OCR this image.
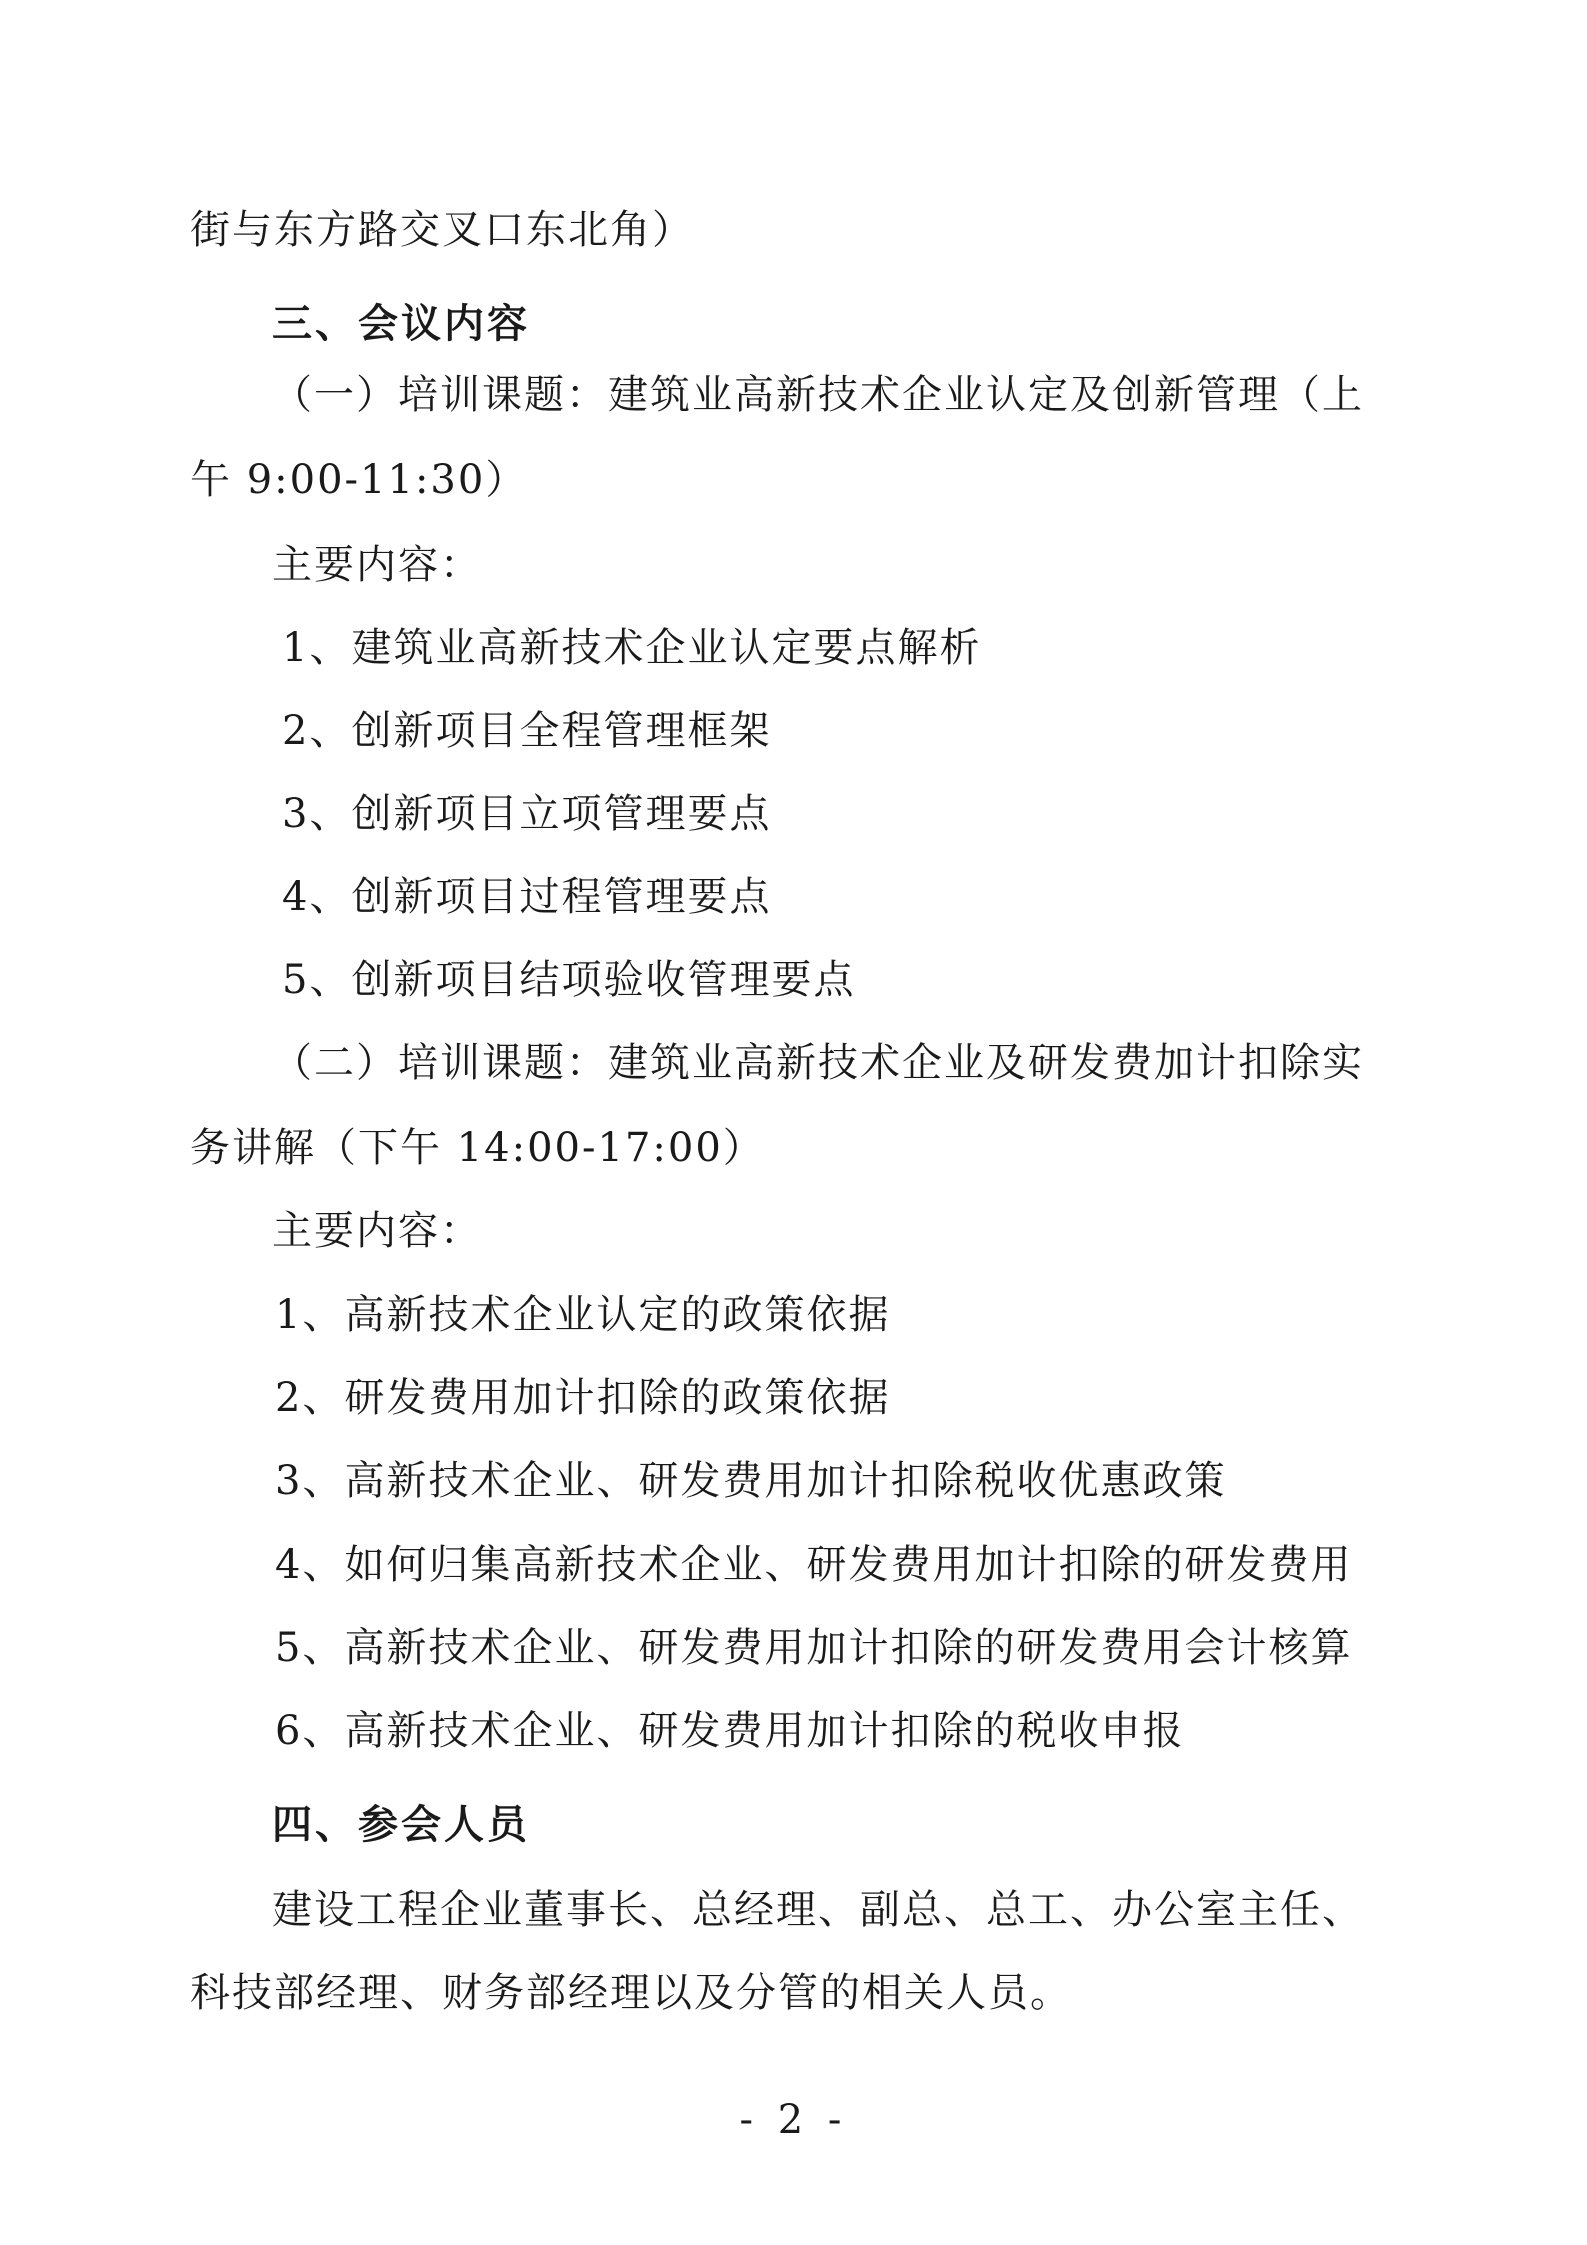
街与东方路交叉口东北角）
三、会议内容
（一）培训课题：建筑业高新技术企业认定及创新管理（上
午 9:00-11:30）
主要内容：
1、建筑业高新技术企业认定要点解析
2、创新项目全程管理框架
3、创新项目立项管理要点
4、创新项目过程管理要点
5、创新项目结项验收管理要点
（二）培训课题：建筑业高新技术企业及研发费加计扣除实
务讲解（下午 14:00-17:00）
主要内容：
1、高新技术企业认定的政策依据
2、研发费用加计扣除的政策依据
3、高新技术企业、研发费用加计扣除税收优惠政策
4、如何归集高新技术企业、研发费用加计扣除的研发费用
5、高新技术企业、研发费用加计扣除的研发费用会计核算
6、高新技术企业、研发费用加计扣除的税收申报
四、参会人员
建设工程企业董事长、总经理、副总、总工、办公室主任、
科技部经理、财务部经理以及分管的相关人员。
- 2 -
